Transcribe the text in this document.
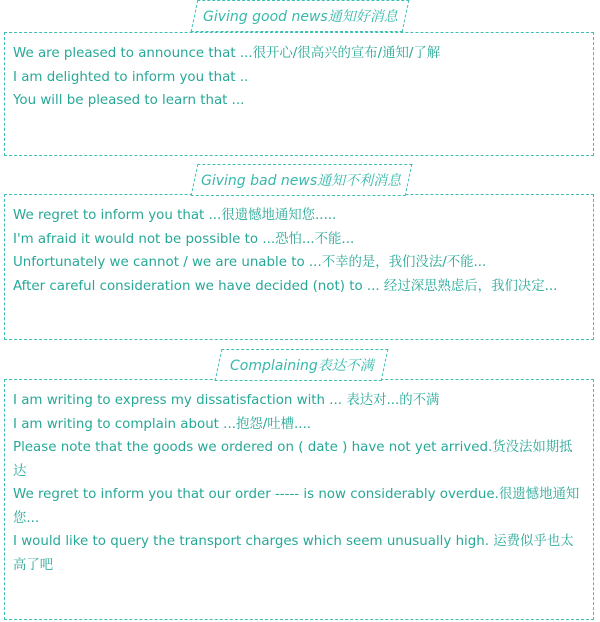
Giving good news通知好消息

We are pleased to announce that ...很开心/很高兴的宣布/通知/了解

I am delighted to inform you that ..

You will be pleased to learn that ...

Giving bad news通知不利消息

We regret to inform you that ...很遗憾地通知您.....

I'm afraid it would not be possible to ...恐怕...不能...

Unfortunately we cannot / we are unable to ...不幸的是，我们没法/不能...

After careful consideration we have decided (not) to ... 经过深思熟虑后，我们决定...

Complaining表达不满

I am writing to express my dissatisfaction with ... 表达对...的不满

I am writing to complain about ...抱怨/吐槽....

Please note that the goods we ordered on ( date ) have not yet arrived.货没法如期抵达

We regret to inform you that our order ----- is now considerably overdue.很遗憾地通知您...

I would like to query the transport charges which seem unusually high. 运费似乎也太高了吧
